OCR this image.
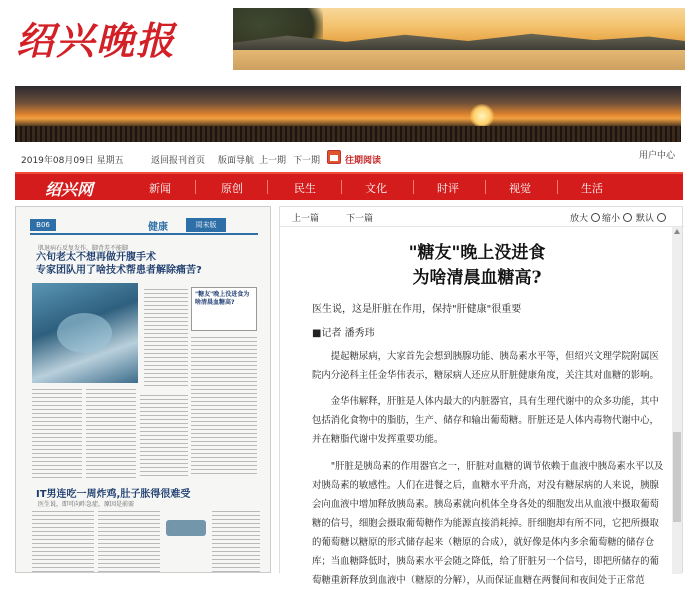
绍兴晚报
2019年08月09日 星期五	返回报刊首页 版面导航 上一期 下一期	往期阅读	用户中心
绍兴网	新闻	原创	民生	文化	时评	视觉	生活
B06	健康	周末版
肌退病石反复发作，脚背差不能脚
六旬老太不想再做开腹手术
专家团队用了啥技术帮患者解除痛苦?
"糖友"晚上没进食为啥清晨血糖高?
IT男连吃一周炸鸡,肚子胀得很难受
医生说，即可向昨急症，原因是前需
上一篇	下一篇	放大	缩小	默认
"糖友"晚上没进食
为啥清晨血糖高?
医生说，这是肝脏在作用，保持"肝健康"很重要
■记者 潘秀玮

提起糖尿病，大家首先会想到胰腺功能、胰岛素水平等，但绍兴文理学院附属医院内分泌科主任金华伟表示，糖尿病人还应从肝脏健康角度，关注其对血糖的影响。

金华伟解释，肝脏是人体内最大的内脏器官，具有生理代谢中的众多功能，其中包括消化食物中的脂肪，生产、储存和输出葡萄糖。肝脏还是人体内毒物代谢中心，并在糖脂代谢中发挥重要功能。

"肝脏是胰岛素的作用器官之一，肝脏对血糖的调节依赖于血液中胰岛素水平以及对胰岛素的敏感性。人们在进餐之后，血糖水平升高，对没有糖尿病的人来说，胰腺会向血液中增加释放胰岛素。胰岛素就向机体全身各处的细胞发出从血液中摄取葡萄糖的信号，细胞会摄取葡萄糖作为能源直接消耗掉。肝细胞却有所不同，它把所摄取的葡萄糖以糖原的形式储存起来（糖原的合成），就好像是体内多余葡萄糖的储存仓库；当血糖降低时，胰岛素水平会随之降低，给了肝脏另一个信号，即把所储存的葡萄糖重新释放到血液中（糖原的分解），从而保证血糖在两餐间和夜间处于正常范
